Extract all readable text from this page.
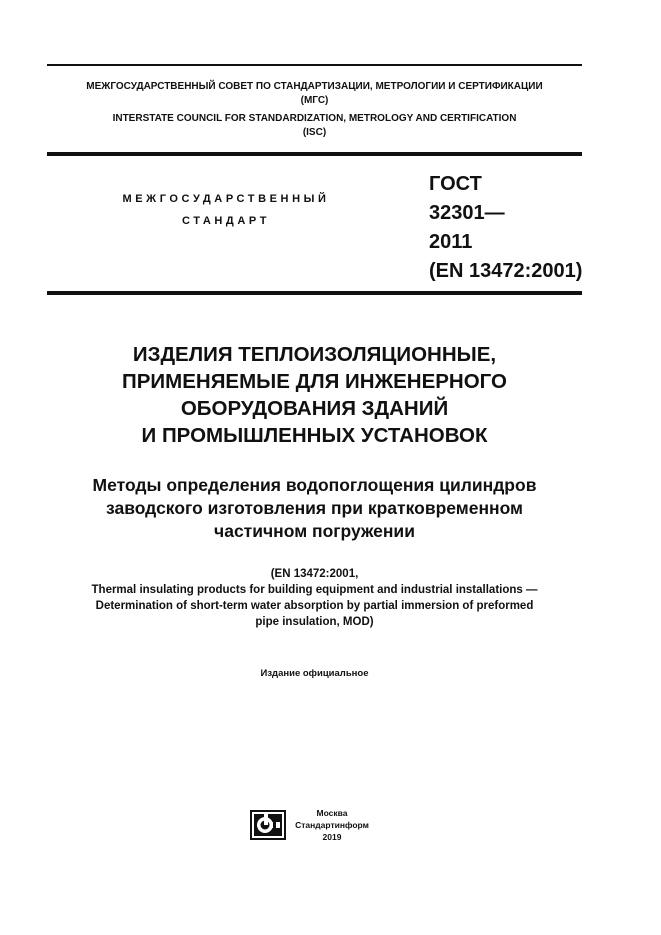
МЕЖГОСУДАРСТВЕННЫЙ СОВЕТ ПО СТАНДАРТИЗАЦИИ, МЕТРОЛОГИИ И СЕРТИФИКАЦИИ
(МГС)
INTERSTATE COUNCIL FOR STANDARDIZATION, METROLOGY AND CERTIFICATION
(ISC)
МЕЖГОСУДАРСТВЕННЫЙ
СТАНДАРТ
ГОСТ
32301—
2011
(EN 13472:2001)
ИЗДЕЛИЯ ТЕПЛОИЗОЛЯЦИОННЫЕ,
ПРИМЕНЯЕМЫЕ ДЛЯ ИНЖЕНЕРНОГО
ОБОРУДОВАНИЯ ЗДАНИЙ
И ПРОМЫШЛЕННЫХ УСТАНОВОК
Методы определения водопоглощения цилиндров
заводского изготовления при кратковременном
частичном погружении
(EN 13472:2001,
Thermal insulating products for building equipment and industrial installations —
Determination of short-term water absorption by partial immersion of preformed
pipe insulation, MOD)
Издание официальное
Москва
Стандартинформ
2019
